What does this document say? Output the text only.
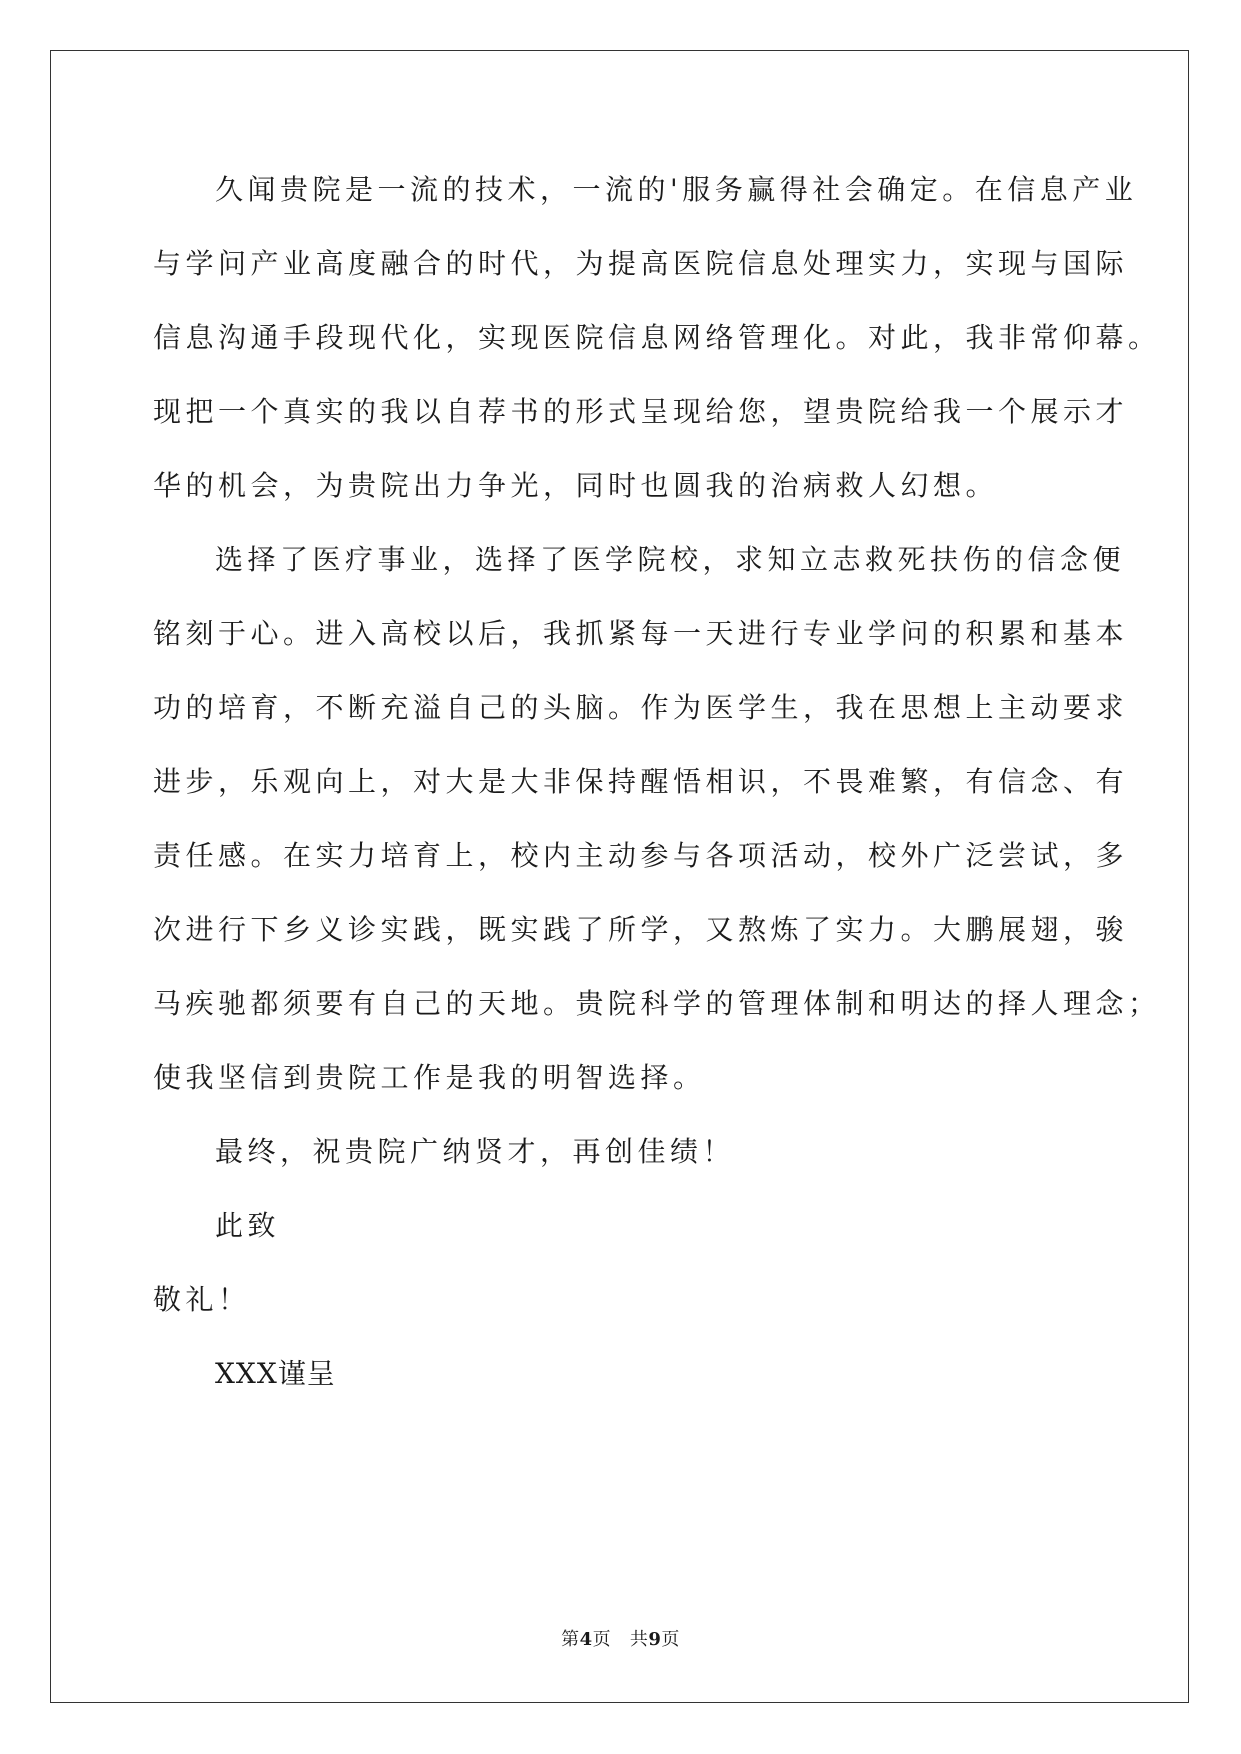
久闻贵院是一流的技术，一流的'服务赢得社会确定。在信息产业
与学问产业高度融合的时代，为提高医院信息处理实力，实现与国际
信息沟通手段现代化，实现医院信息网络管理化。对此，我非常仰幕。
现把一个真实的我以自荐书的形式呈现给您，望贵院给我一个展示才
华的机会，为贵院出力争光，同时也圆我的治病救人幻想。
选择了医疗事业，选择了医学院校，求知立志救死扶伤的信念便
铭刻于心。进入高校以后，我抓紧每一天进行专业学问的积累和基本
功的培育，不断充溢自己的头脑。作为医学生，我在思想上主动要求
进步，乐观向上，对大是大非保持醒悟相识，不畏难繁，有信念、有
责任感。在实力培育上，校内主动参与各项活动，校外广泛尝试，多
次进行下乡义诊实践，既实践了所学，又熬炼了实力。大鹏展翅，骏
马疾驰都须要有自己的天地。贵院科学的管理体制和明达的择人理念；
使我坚信到贵院工作是我的明智选择。
最终，祝贵院广纳贤才，再创佳绩！
此致
敬礼！
XXX谨呈
第4页 共9页
